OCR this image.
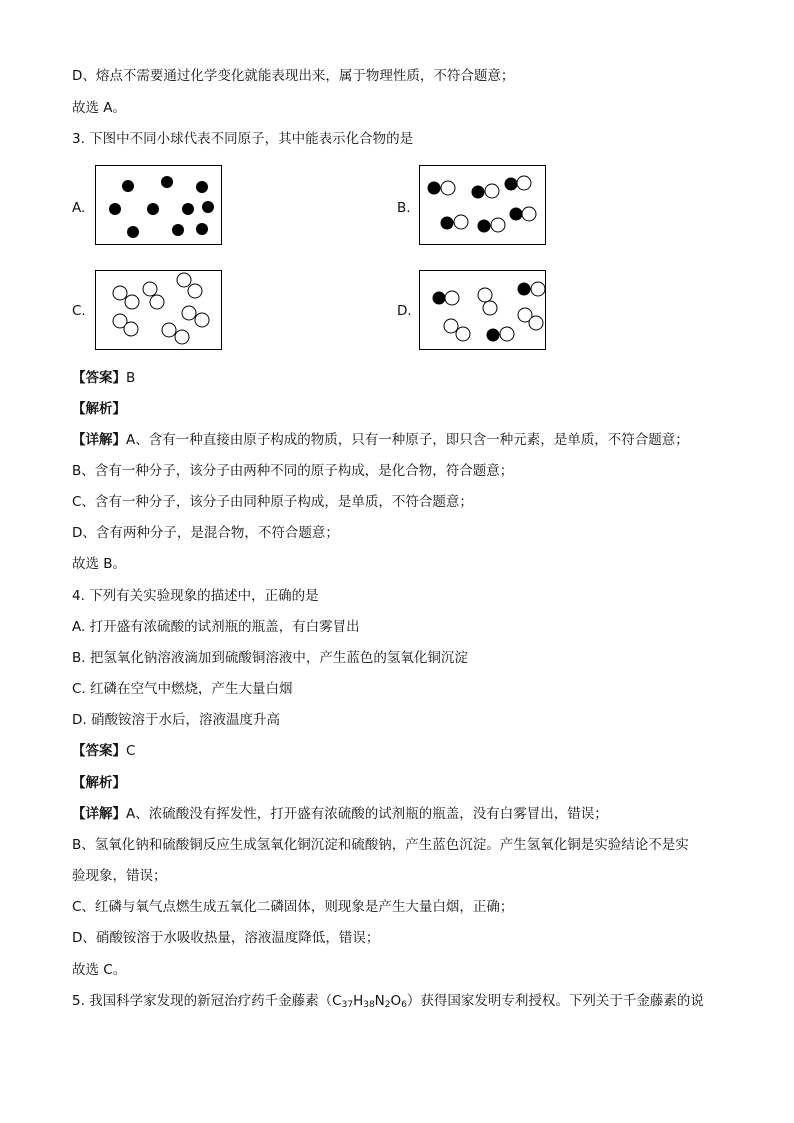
D、熔点不需要通过化学变化就能表现出来，属于物理性质，不符合题意；
故选 A。
3. 下图中不同小球代表不同原子，其中能表示化合物的是
A.	B.
C.	D.
【答案】B
【解析】
【详解】A、含有一种直接由原子构成的物质，只有一种原子，即只含一种元素，是单质，不符合题意；
B、含有一种分子，该分子由两种不同的原子构成，是化合物，符合题意；
C、含有一种分子，该分子由同种原子构成，是单质，不符合题意；
D、含有两种分子，是混合物，不符合题意；
故选 B。
4. 下列有关实验现象的描述中，正确的是
A. 打开盛有浓硫酸的试剂瓶的瓶盖，有白雾冒出
B. 把氢氧化钠溶液滴加到硫酸铜溶液中，产生蓝色的氢氧化铜沉淀
C. 红磷在空气中燃烧，产生大量白烟
D. 硝酸铵溶于水后，溶液温度升高
【答案】C
【解析】
【详解】A、浓硫酸没有挥发性，打开盛有浓硫酸的试剂瓶的瓶盖，没有白雾冒出，错误；
B、氢氧化钠和硫酸铜反应生成氢氧化铜沉淀和硫酸钠，产生蓝色沉淀。产生氢氧化铜是实验结论不是实
验现象，错误；
C、红磷与氧气点燃生成五氧化二磷固体，则现象是产生大量白烟，正确；
D、硝酸铵溶于水吸收热量，溶液温度降低，错误；
故选 C。
5. 我国科学家发现的新冠治疗药千金藤素$(C_{37}H_{38}N_2O_6)$获得国家发明专利授权。下列关于千金藤素的说
